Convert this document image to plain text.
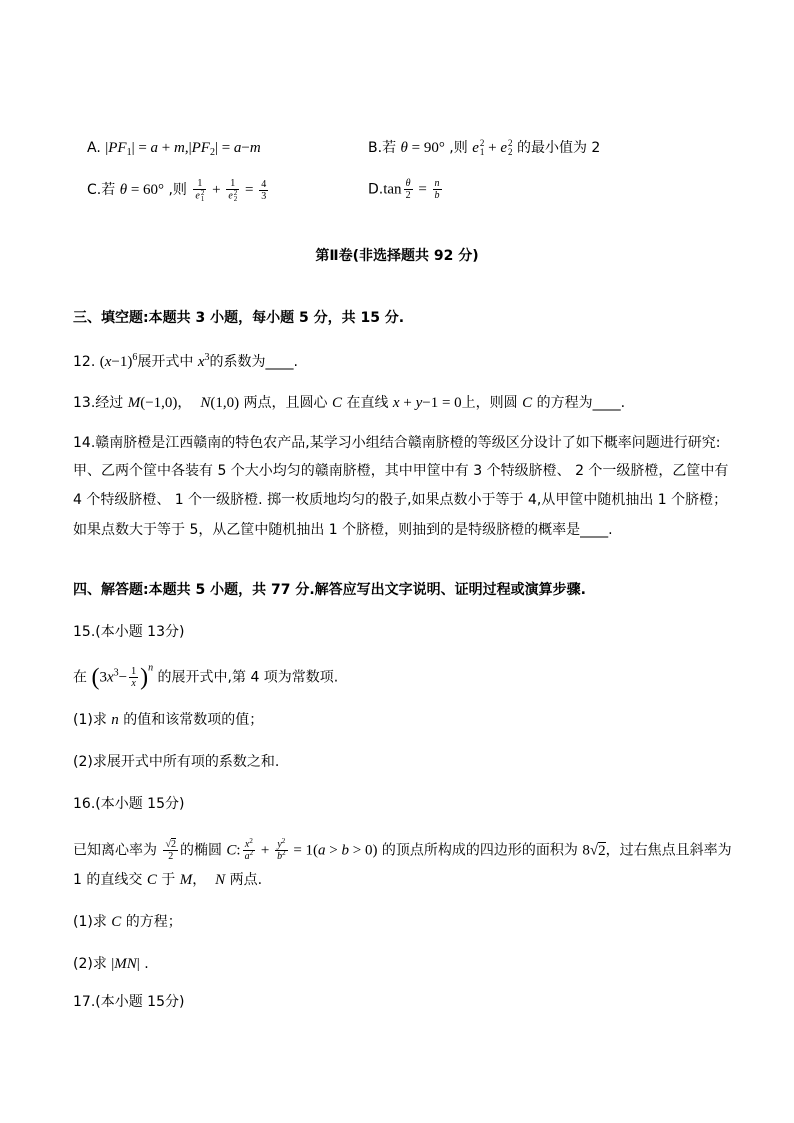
A. $|PF_1| = a + m,|PF_2| = a-m$	B.若 θ = 90° ,则 e 2
1 + e 2
2 的最小值为 2
C.若 θ = 60° ,则 1
e 2
1 + 1
e 2
$2 = \frac{4}{3}$	$D.\tan \frac{\theta}{2} = \frac{n}{b}$
第Ⅱ卷(非选择题共 92 分)
三、填空题:本题共 3 小题，每小题 5 分，共 15 分.
12. $(x-1)^6$展开式中 $x^3$的系数为____.
13.经过 M(−1,0)，  N(1,0) 两点，且圆心 C 在直线 x + y−1 = 0上，则圆 C 的方程为____.
14.赣南脐橙是江西赣南的特色农产品,某学习小组结合赣南脐橙的等级区分设计了如下概率问题进行研究:
甲、乙两个筐中各装有 5 个大小均匀的赣南脐橙，其中甲筐中有 3 个特级脐橙、 2 个一级脐橙，乙筐中有
4 个特级脐橙、 1 个一级脐橙. 掷一枚质地均匀的骰子,如果点数小于等于 4,从甲筐中随机抽出 1 个脐橙；
如果点数大于等于 5，从乙筐中随机抽出 1 个脐橙，则抽到的是特级脐橙的概率是____.
四、解答题:本题共 5 小题，共 77 分.解答应写出文字说明、证明过程或演算步骤.
15.(本小题 13分)
在 $(3x^3- \frac{1}{x} )^n$ 的展开式中,第 4 项为常数项.
(1)求 n 的值和该常数项的值；
(2)求展开式中所有项的系数之和.
16.(本小题 15分)
已知离心率为 $\frac{√2}{2}$ 的椭圆 C: $\frac{x^2}{a^2} + \frac{y^2}{b^2} = 1(a > b > 0)$ 的顶点所构成的四边形的面积为 8√2，过右焦点且斜率为
1 的直线交 C 于 M，  N 两点.
(1)求 C 的方程；
(2)求 |MN| .
17.(本小题 15分)
